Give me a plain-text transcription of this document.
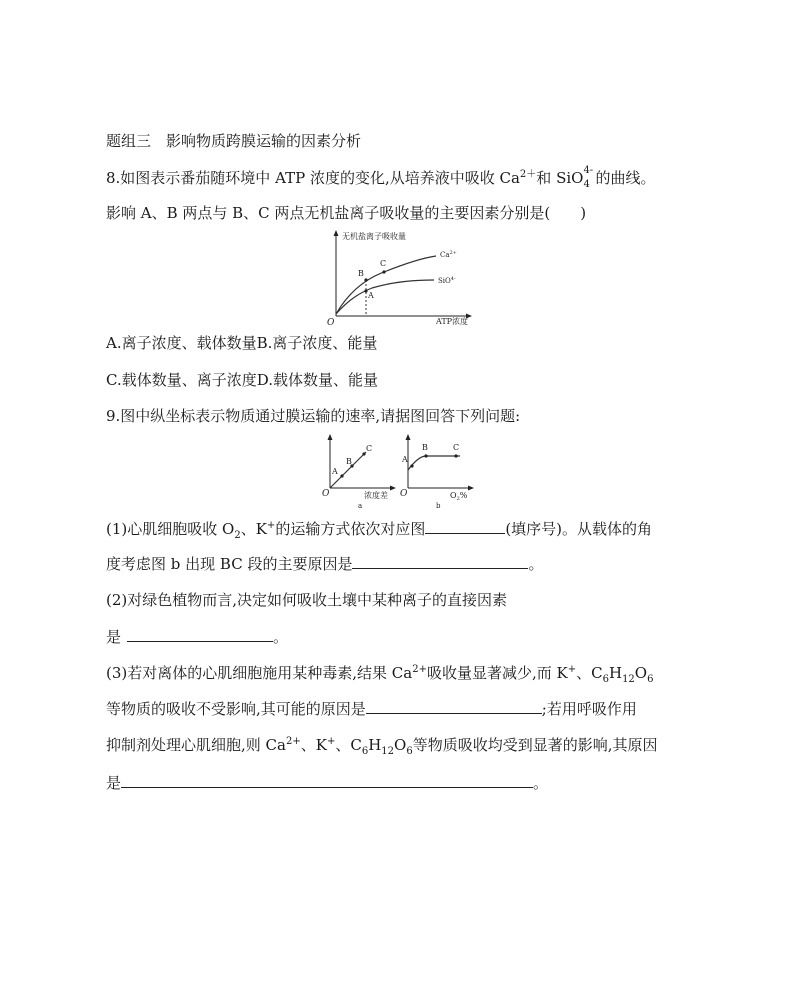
题组三　影响物质跨膜运输的因素分析
8.如图表示番茄随环境中 ATP 浓度的变化,从培养液中吸收 $Ca^{2+}$和 SiO 4-
4 的曲线。
影响 A、B 两点与 B、C 两点无机盐离子吸收量的主要因素分别是(　　)
无机盐离子吸收量
ATP浓度
O
B
A
C
$Ca^{2+}$
SiO$^{4-}$
A.离子浓度、载体数量B.离子浓度、能量
C.载体数量、离子浓度D.载体数量、能量
9.图中纵坐标表示物质通过膜运输的速率,请据图回答下列问题:
A
B
C
O	浓度差
a
A
B	C
O	$O_2\%$
b
(1)心肌细胞吸收 $O_2$、K+的运输方式依次对应图	(填序号)。从载体的角
度考虑图 b 出现 BC 段的主要原因是	。
(2)对绿色植物而言,决定如何吸收土壤中某种离子的直接因素
是	。
(3)若对离体的心肌细胞施用某种毒素,结果 $Ca^{2+}$吸收量显著减少,而 K+、$C_6H_{12}O_6$
等物质的吸收不受影响,其可能的原因是	;若用呼吸作用
抑制剂处理心肌细胞,则 $Ca^{2+}$、K+、$C_6H_{12}O_6$等物质吸收均受到显著的影响,其原因
是	。
